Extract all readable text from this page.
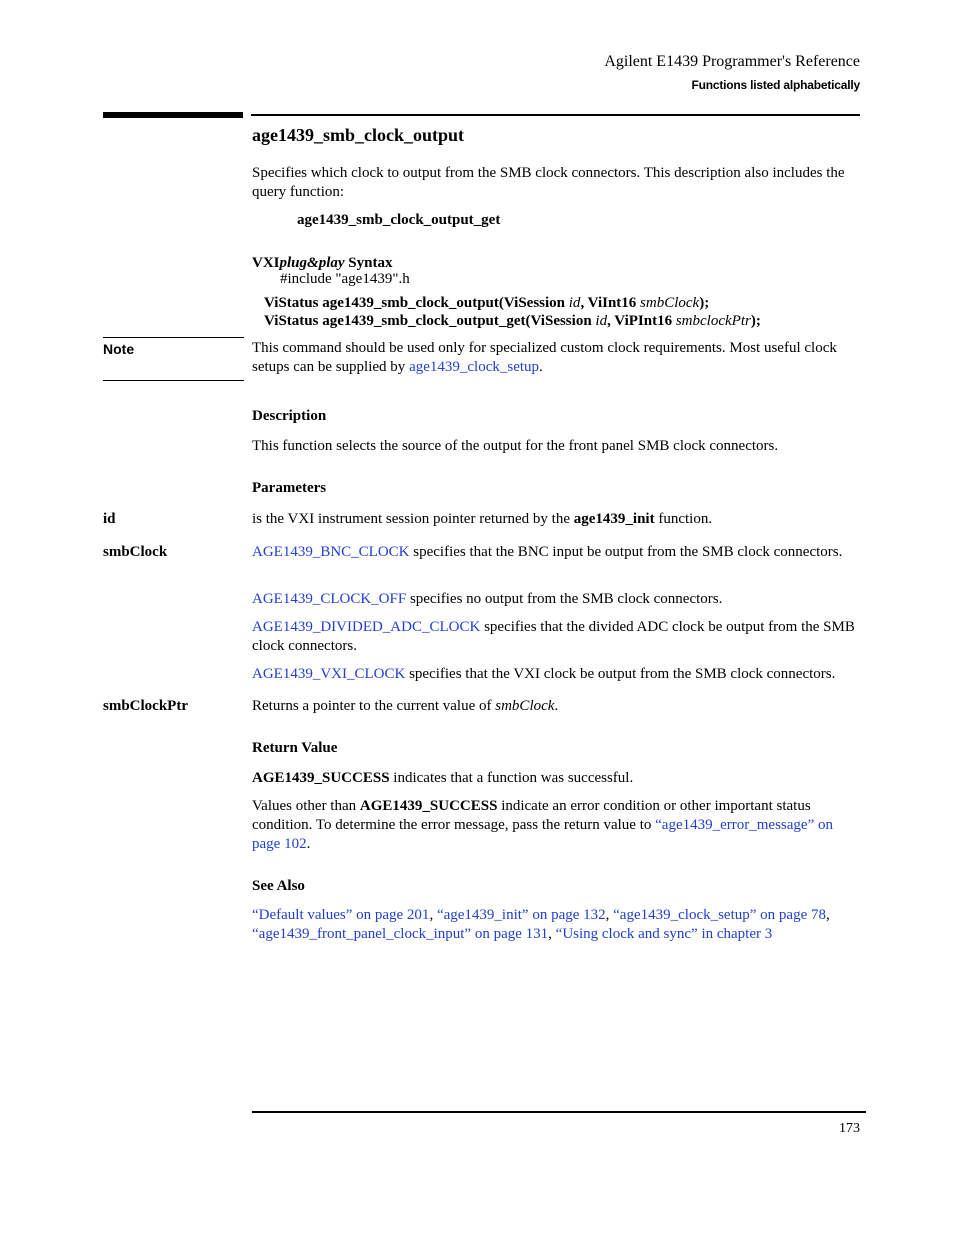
Agilent E1439 Programmer's Reference
Functions listed alphabetically
age1439_smb_clock_output
Specifies which clock to output from the SMB clock connectors. This description also includes the query function:
age1439_smb_clock_output_get
VXIplug&play Syntax
#include "age1439".h
ViStatus age1439_smb_clock_output(ViSession id, ViInt16 smbClock);
ViStatus age1439_smb_clock_output_get(ViSession id, ViPInt16 smbclockPtr);
Note	This command should be used only for specialized custom clock requirements. Most useful clock setups can be supplied by age1439_clock_setup.
Description
This function selects the source of the output for the front panel SMB clock connectors.
Parameters
id	is the VXI instrument session pointer returned by the age1439_init function.
smbClock	AGE1439_BNC_CLOCK specifies that the BNC input be output from the SMB clock connectors.
AGE1439_CLOCK_OFF specifies no output from the SMB clock connectors.
AGE1439_DIVIDED_ADC_CLOCK specifies that the divided ADC clock be output from the SMB clock connectors.
AGE1439_VXI_CLOCK specifies that the VXI clock be output from the SMB clock connectors.
smbClockPtr	Returns a pointer to the current value of smbClock.
Return Value
AGE1439_SUCCESS indicates that a function was successful.
Values other than AGE1439_SUCCESS indicate an error condition or other important status condition. To determine the error message, pass the return value to “age1439_error_message” on page 102.
See Also
“Default values” on page 201, “age1439_init” on page 132, “age1439_clock_setup” on page 78, “age1439_front_panel_clock_input” on page 131, “Using clock and sync” in chapter 3
173
